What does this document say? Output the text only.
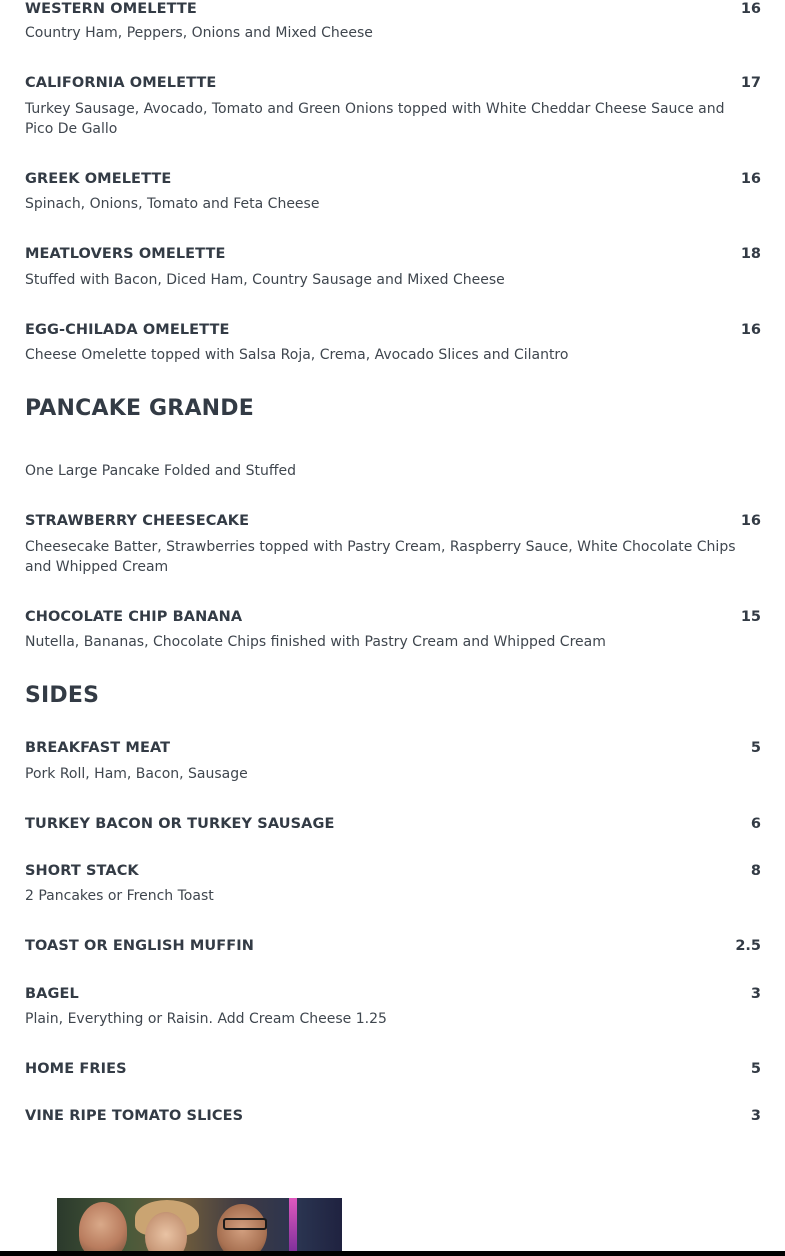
WESTERN OMELETTE	16
Country Ham, Peppers, Onions and Mixed Cheese
CALIFORNIA OMELETTE	17
Turkey Sausage, Avocado, Tomato and Green Onions topped with White Cheddar Cheese Sauce and Pico De Gallo
GREEK OMELETTE	16
Spinach, Onions, Tomato and Feta Cheese
MEATLOVERS OMELETTE	18
Stuffed with Bacon, Diced Ham, Country Sausage and Mixed Cheese
EGG-CHILADA OMELETTE	16
Cheese Omelette topped with Salsa Roja, Crema, Avocado Slices and Cilantro
PANCAKE GRANDE
One Large Pancake Folded and Stuffed
STRAWBERRY CHEESECAKE	16
Cheesecake Batter, Strawberries topped with Pastry Cream, Raspberry Sauce, White Chocolate Chips and Whipped Cream
CHOCOLATE CHIP BANANA	15
Nutella, Bananas, Chocolate Chips finished with Pastry Cream and Whipped Cream
SIDES
BREAKFAST MEAT	5
Pork Roll, Ham, Bacon, Sausage
TURKEY BACON OR TURKEY SAUSAGE	6
SHORT STACK	8
2 Pancakes or French Toast
TOAST OR ENGLISH MUFFIN	2.5
BAGEL	3
Plain, Everything or Raisin. Add Cream Cheese 1.25
HOME FRIES	5
VINE RIPE TOMATO SLICES	3
